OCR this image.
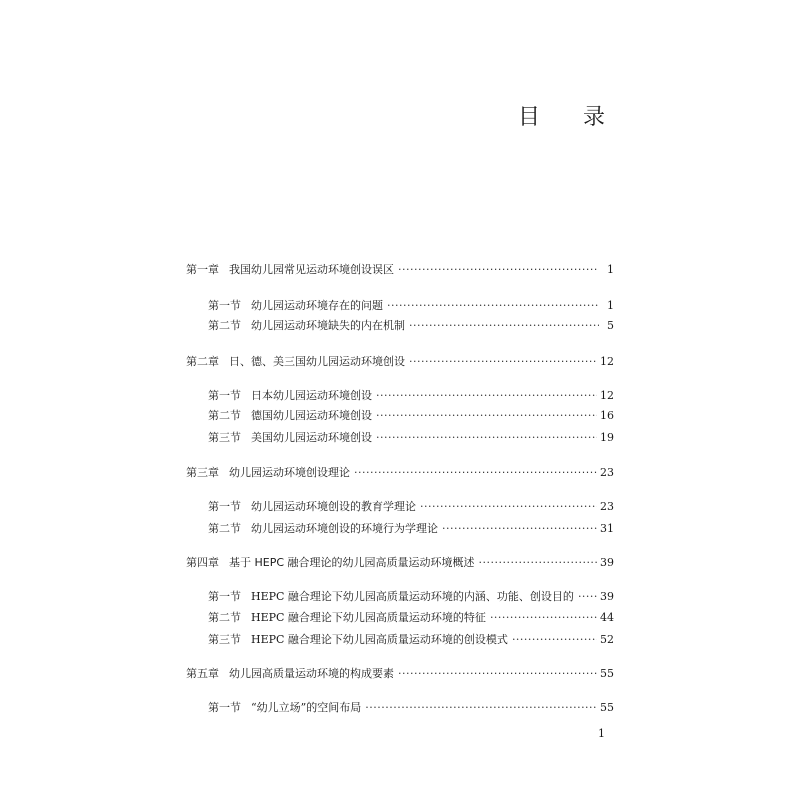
目 录
第一章 我国幼儿园常见运动环境创设误区 ·····	1
第一节 幼儿园运动环境存在的问题 ·····	1
第二节 幼儿园运动环境缺失的内在机制 ·····	5
第二章 日、德、美三国幼儿园运动环境创设 ·····	12
第一节 日本幼儿园运动环境创设 ·····	12
第二节 德国幼儿园运动环境创设 ·····	16
第三节 美国幼儿园运动环境创设 ·····	19
第三章 幼儿园运动环境创设理论 ·····	23
第一节 幼儿园运动环境创设的教育学理论 ·····	23
第二节 幼儿园运动环境创设的环境行为学理论 ·····	31
第四章 基于 HEPC 融合理论的幼儿园高质量运动环境概述 ·····	39
第一节 HEPC 融合理论下幼儿园高质量运动环境的内涵、功能、创设目的 ····· 39
第二节 HEPC 融合理论下幼儿园高质量运动环境的特征 ·····	44
第三节 HEPC 融合理论下幼儿园高质量运动环境的创设模式 ·····	52
第五章 幼儿园高质量运动环境的构成要素 ·····	55
第一节 “幼儿立场”的空间布局 ·····	55
1
